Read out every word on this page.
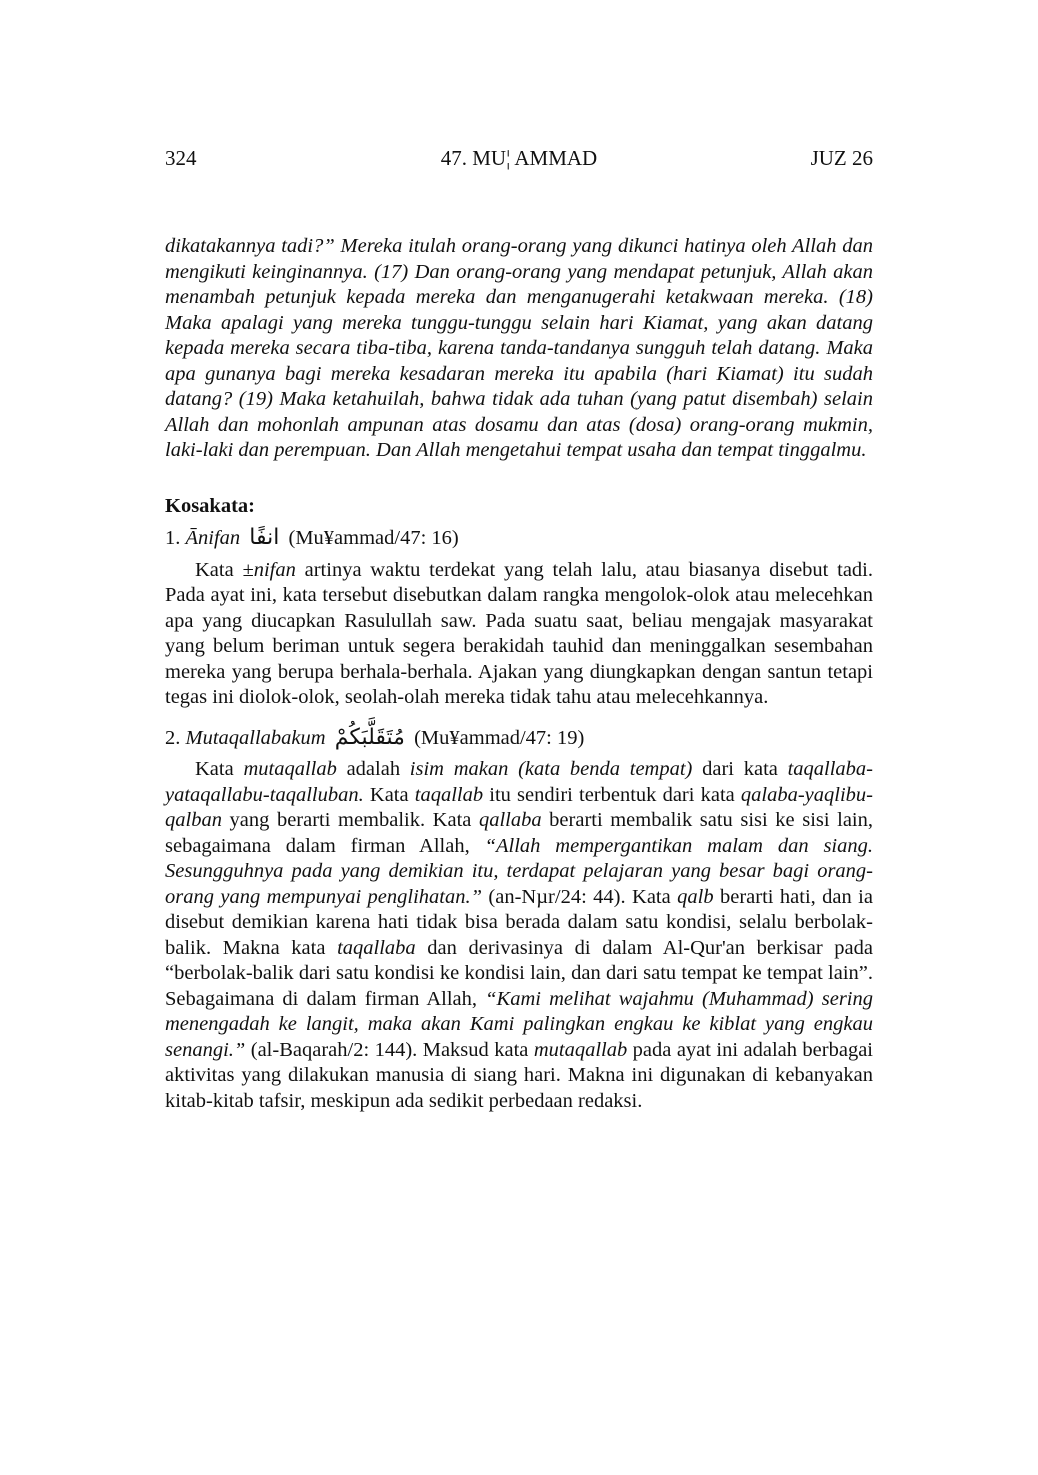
324	47. MU¦ AMMAD	JUZ 26

dikatakannya tadi?” Mereka itulah orang-orang yang dikunci hatinya oleh Allah dan mengikuti keinginannya. (17) Dan orang-orang yang mendapat petunjuk, Allah akan menambah petunjuk kepada mereka dan menganugerahi ketakwaan mereka. (18) Maka apalagi yang mereka tunggu-tunggu selain hari Kiamat, yang akan datang kepada mereka secara tiba-tiba, karena tanda-tandanya sungguh telah datang. Maka apa gunanya bagi mereka kesadaran mereka itu apabila (hari Kiamat) itu sudah datang? (19) Maka ketahuilah, bahwa tidak ada tuhan (yang patut disembah) selain Allah dan mohonlah ampunan atas dosamu dan atas (dosa) orang-orang mukmin, laki-laki dan perempuan. Dan Allah mengetahui tempat usaha dan tempat tinggalmu.

Kosakata:

1. Ānifan انفًا (Mu¥ammad/47: 16)

Kata ±nifan artinya waktu terdekat yang telah lalu, atau biasanya disebut tadi. Pada ayat ini, kata tersebut disebutkan dalam rangka mengolok-olok atau melecehkan apa yang diucapkan Rasulullah saw. Pada suatu saat, beliau mengajak masyarakat yang belum beriman untuk segera berakidah tauhid dan meninggalkan sesembahan mereka yang berupa berhala-berhala. Ajakan yang diungkapkan dengan santun tetapi tegas ini diolok-olok, seolah-olah mereka tidak tahu atau melecehkannya.

2. Mutaqallabakum مُتَقَلَّبَكُمْ (Mu¥ammad/47: 19)

Kata mutaqallab adalah isim makan (kata benda tempat) dari kata taqallaba-yataqallabu-taqalluban. Kata taqallab itu sendiri terbentuk dari kata qalaba-yaqlibu-qalban yang berarti membalik. Kata qallaba berarti membalik satu sisi ke sisi lain, sebagaimana dalam firman Allah, “Allah mempergantikan malam dan siang. Sesungguhnya pada yang demikian itu, terdapat pelajaran yang besar bagi orang-orang yang mempunyai penglihatan.” (an-Nµr/24: 44). Kata qalb berarti hati, dan ia disebut demikian karena hati tidak bisa berada dalam satu kondisi, selalu berbolak-balik. Makna kata taqallaba dan derivasinya di dalam Al-Qur'an berkisar pada “berbolak-balik dari satu kondisi ke kondisi lain, dan dari satu tempat ke tempat lain”. Sebagaimana di dalam firman Allah, “Kami melihat wajahmu (Muhammad) sering menengadah ke langit, maka akan Kami palingkan engkau ke kiblat yang engkau senangi.” (al-Baqarah/2: 144). Maksud kata mutaqallab pada ayat ini adalah berbagai aktivitas yang dilakukan manusia di siang hari. Makna ini digunakan di kebanyakan kitab-kitab tafsir, meskipun ada sedikit perbedaan redaksi.
